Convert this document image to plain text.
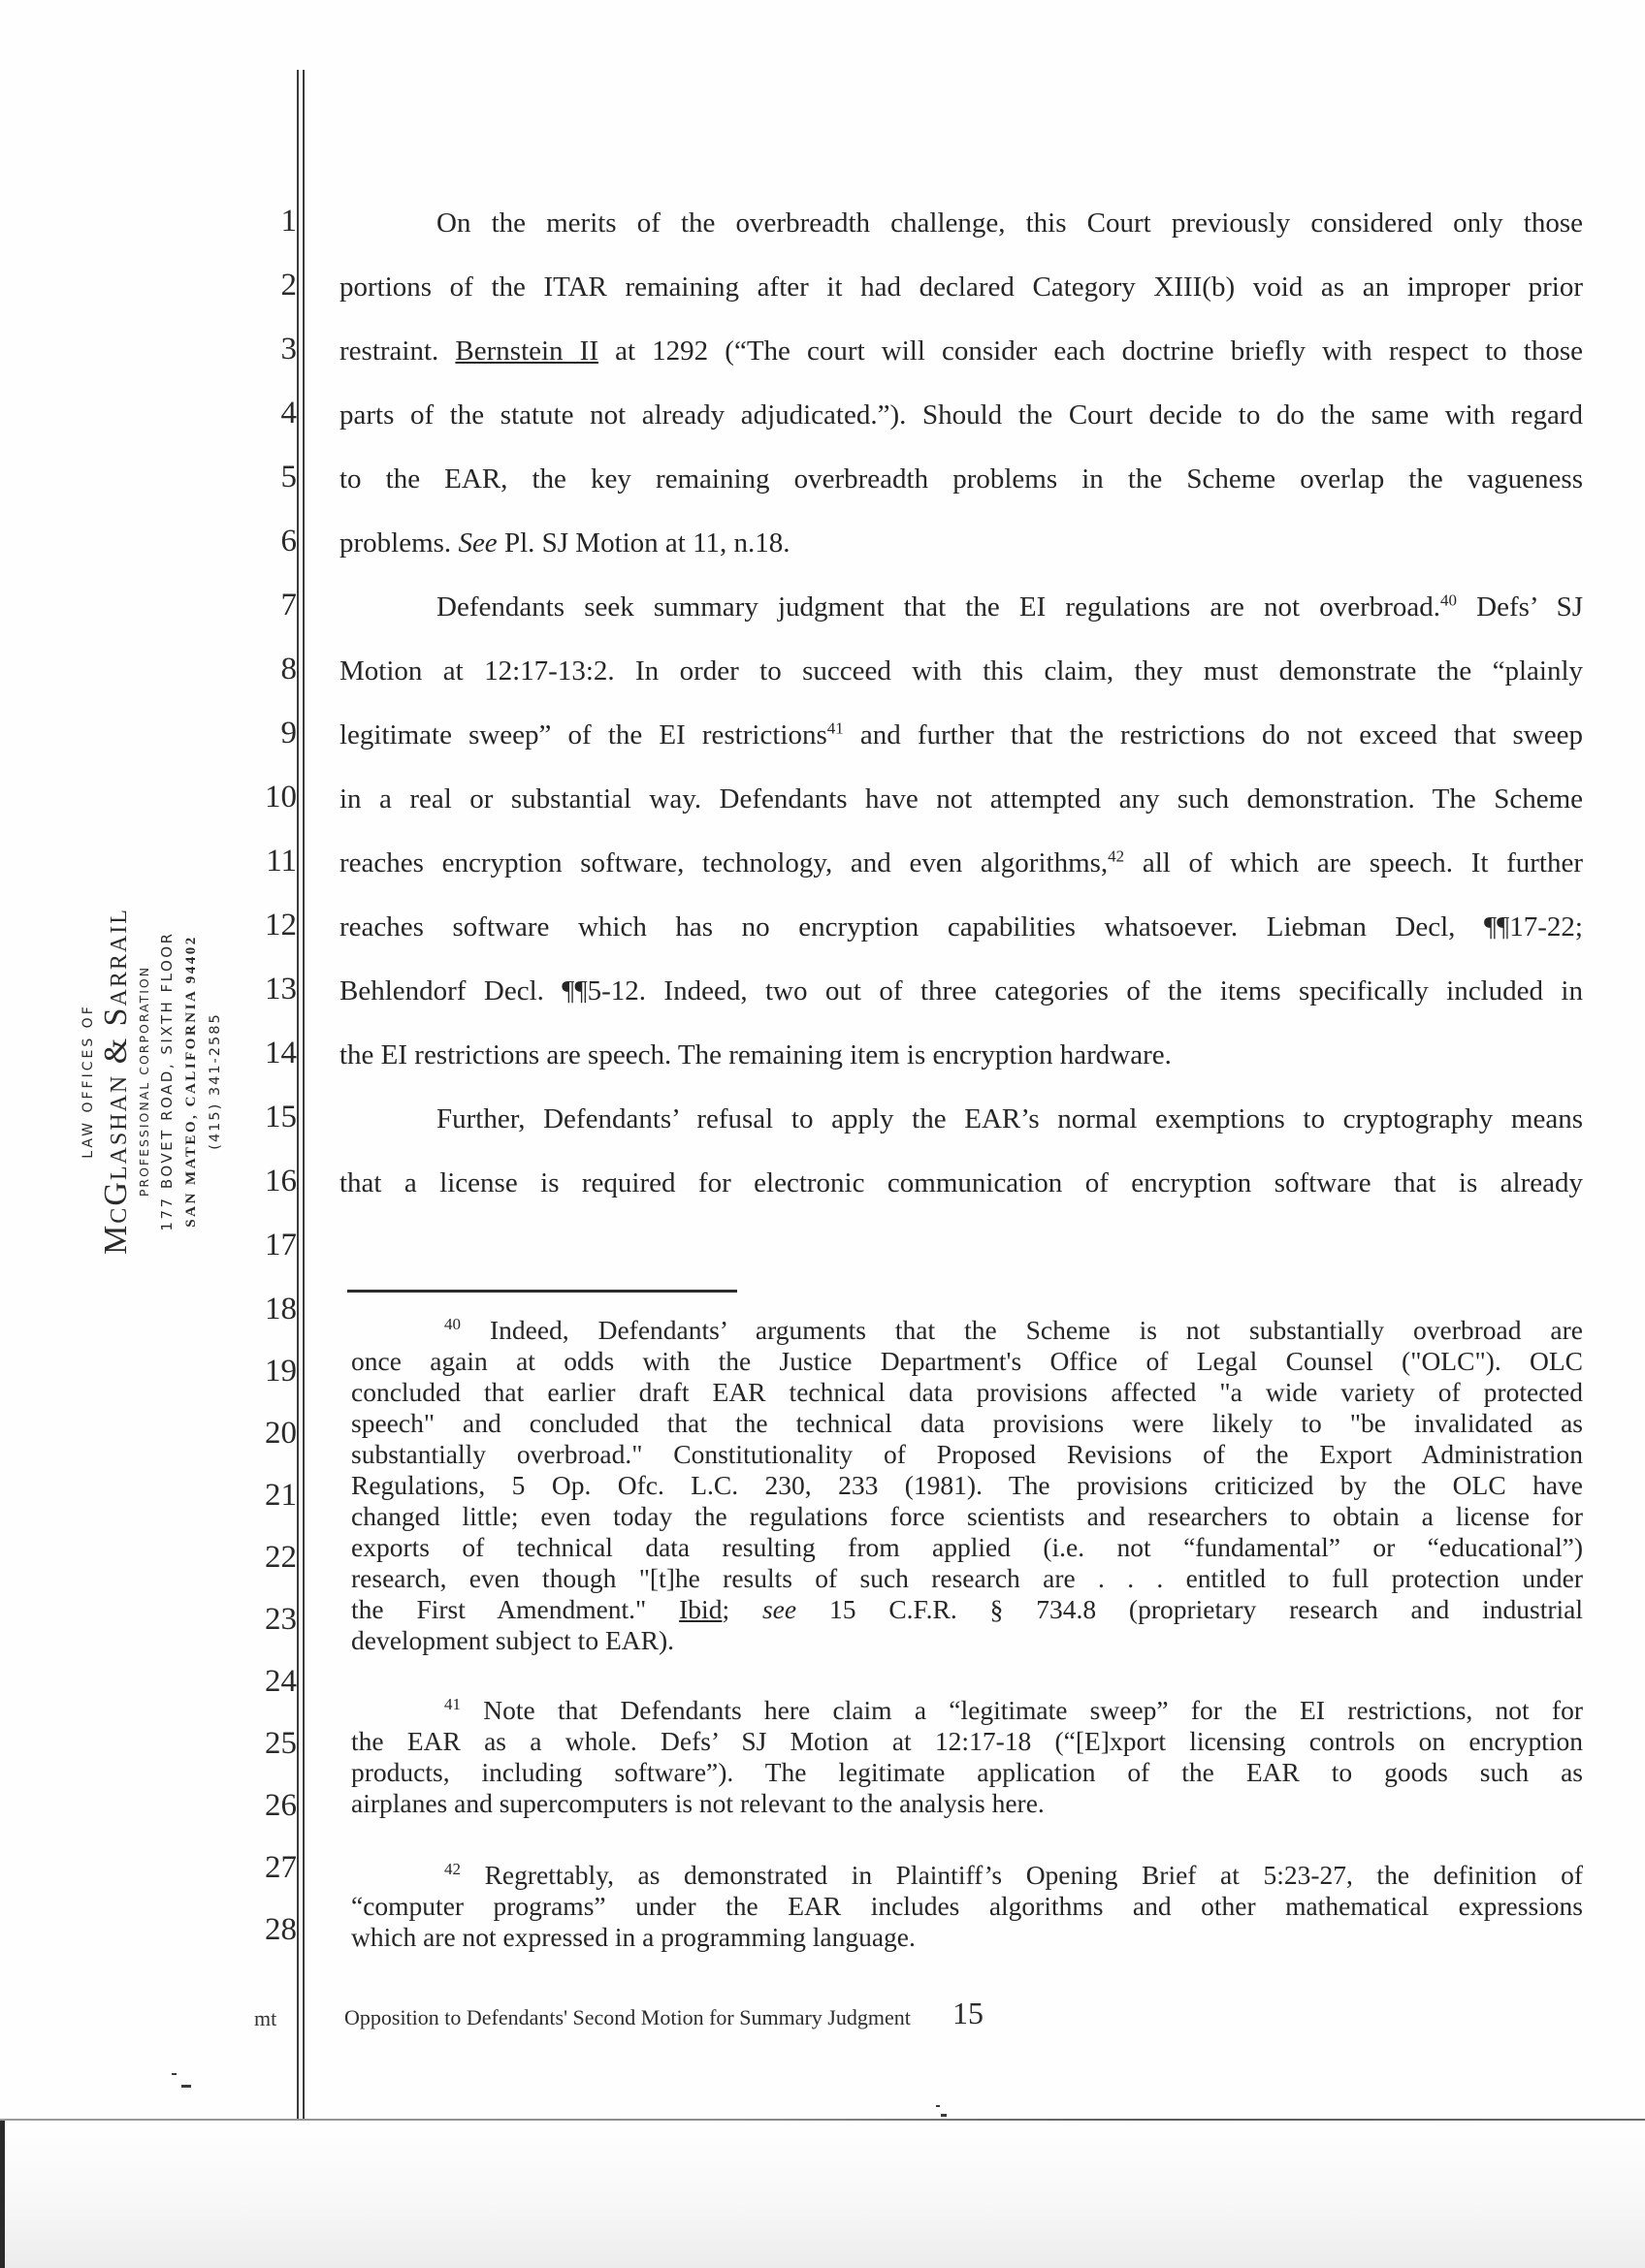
LAW OFFICES OF McGlashan & Sarrail PROFESSIONAL CORPORATION 177 BOVET ROAD, SIXTH FLOOR SAN MATEO, CALIFORNIA 94402 (415) 341-2585
1
2
3
4
5
6
7
8
9
10
11
12
13
14
15
16
17
18
19
20
21
22
23
24
25
26
27
28
On the merits of the overbreadth challenge, this Court previously considered only those
portions of the ITAR remaining after it had declared Category XIII(b) void as an improper prior
restraint. Bernstein II at 1292 (“The court will consider each doctrine briefly with respect to those
parts of the statute not already adjudicated.”). Should the Court decide to do the same with regard
to the EAR, the key remaining overbreadth problems in the Scheme overlap the vagueness
problems. See Pl. SJ Motion at 11, n.18.
Defendants seek summary judgment that the EI regulations are not overbroad.$^{40}$ Defs’ SJ
Motion at 12:17-13:2. In order to succeed with this claim, they must demonstrate the “plainly
legitimate sweep” of the EI restrictions$^{41}$ and further that the restrictions do not exceed that sweep
in a real or substantial way. Defendants have not attempted any such demonstration. The Scheme
reaches encryption software, technology, and even algorithms,$^{42}$ all of which are speech. It further
reaches software which has no encryption capabilities whatsoever. Liebman Decl, ¶¶17-22;
Behlendorf Decl. ¶¶5-12. Indeed, two out of three categories of the items specifically included in
the EI restrictions are speech. The remaining item is encryption hardware.
Further, Defendants’ refusal to apply the EAR’s normal exemptions to cryptography means
that a license is required for electronic communication of encryption software that is already
$^{40}$ Indeed, Defendants’ arguments that the Scheme is not substantially overbroad are
once again at odds with the Justice Department's Office of Legal Counsel ("OLC"). OLC
concluded that earlier draft EAR technical data provisions affected "a wide variety of protected
speech" and concluded that the technical data provisions were likely to "be invalidated as
substantially overbroad." Constitutionality of Proposed Revisions of the Export Administration
Regulations, 5 Op. Ofc. L.C. 230, 233 (1981). The provisions criticized by the OLC have
changed little; even today the regulations force scientists and researchers to obtain a license for
exports of technical data resulting from applied (i.e. not “fundamental” or “educational”)
research, even though "[t]he results of such research are . . . entitled to full protection under
the First Amendment." Ibid; see 15 C.F.R. § 734.8 (proprietary research and industrial
development subject to EAR).
$^{41}$ Note that Defendants here claim a “legitimate sweep” for the EI restrictions, not for
the EAR as a whole. Defs’ SJ Motion at 12:17-18 (“[E]xport licensing controls on encryption
products, including software”). The legitimate application of the EAR to goods such as
airplanes and supercomputers is not relevant to the analysis here.
$^{42}$ Regrettably, as demonstrated in Plaintiff’s Opening Brief at 5:23-27, the definition of
“computer programs” under the EAR includes algorithms and other mathematical expressions
which are not expressed in a programming language.
mt	Opposition to Defendants' Second Motion for Summary Judgment 15
